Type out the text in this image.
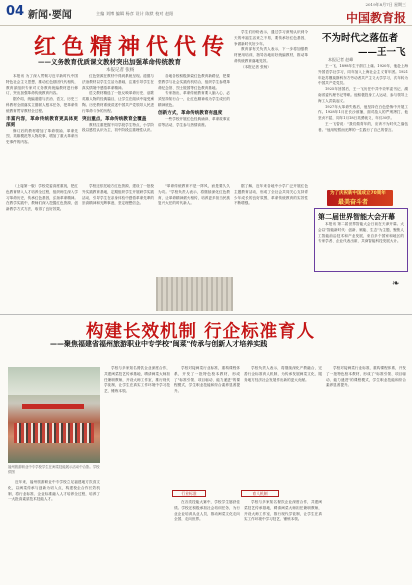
04 新闻·要闻	主编 刘博 编辑 杨彦 设计 陈默 校对 赵阳
2019年8月7日 星期三
中国教育报
红色精神代代传
——义务教育优质课文教材突出加强革命传统教育
本报记者 张杨

本报讯 为了深入贯彻习近平新时代中国特色社会主义思想，推动红色基因代代相传，教育部组织专家对义务教育统编教材进行修订，突出加强革命传统教育内容。

据介绍，统编道德与法治、语文、历史三科教材全面落实立德树人根本任务，把革命传统教育贯穿教材全过程。

丰富内容，革命传统教育更具体更深刻

修订后的教材增加了革命领袖、革命先烈、英雄模范等人物故事，增加了重大革命历史事件的内容。

红色资源在教材中得到系统呈现。道德与法治教材以学生生活为基础，注重引导学生在真实情境中感悟革命精神。

语文教材精选了一批反映革命历史、讴歌英雄人物的经典篇目，让学生在阅读中接受熏陶。历史教材系统讲述中国共产党领导人民进行革命斗争的历程。

突出重点，革命传统教育全覆盖

教材注重把握不同学段学生特点，小学阶段以感性认识为主，初中阶段注重理性认识。

各地各校积极探索红色教育新路径，把课堂教学与社会实践有机结合，组织学生参观革命纪念馆、烈士陵园等红色教育基地。

专家指出，革命传统教育要入脑入心，必须坚持知行合一，让红色精神成为学生成长的精神底色。

创新方式，革命传统教育有温度

一些学校开展红色经典诵读、革命故事宣讲等活动，学生参与热情高涨。

学生们纷纷表示，通过学习深刻认识到今天的幸福生活来之不易，要传承好红色基因，争做新时代好少年。

教育部有关负责人表示，下一步将加强教材使用培训，指导各地用好统编教材，推动革命传统教育落地见效。

（本报记者 张杨）

（上接第一版）学校党委高度重视，把红色教育纳入人才培养全过程，组织师生深入学习革命历史，传承红色基因，弘扬革命精神。在教学实践中，教师们深入挖掘红色资源，创新教学方式方法，取得了良好效果。

学校还依托地方红色资源，建设了一批校外实践教育基地，定期组织学生开展研学实践活动，引导学生在亲身体验中感悟革命先辈的崇高精神和光辉事迹，坚定理想信念。

"革命传统教育不是一阵风，而是要久久为功。"学校负责人表示，将继续深化红色教育，让革命精神薪火相传，培养更多担当民族复兴大任的时代新人。

据了解，近年来各地中小学广泛开展红色主题教育活动，形成了全社会共同关心支持青少年成长的良好氛围，革命传统教育的实效性不断增强。

不为时代之落伍者
——王一飞
本报记者 赵峰

王一飞，1898年生于浙江上虞。1920年，他赴上海外国语学社学习，同年加入上海社会主义青年团。1921年赴苏俄莫斯科东方劳动者共产主义大学学习，次年转为中国共产党党员。

1925年回国后，王一飞历任中共中央军委书记、湖南省委代理书记等职。他积极投身工人运动，参与领导上海工人武装起义。

1927年大革命失败后，他坚持在白色恐怖中开展工作。1928年1月在长沙被捕，面对敌人的严刑拷打，他坚贞不屈，同年1月18日英勇就义，年仅30岁。

王一飞曾说："我们做青年的，应该不为时代之落伍者。"他用短暂而光辉的一生践行了自己的誓言。

为了庆祝新中国成立70周年
最美奋斗者
第二届世界智能大会开幕

本报讯 第二届世界智能大会日前在天津开幕。大会以"智能新时代：创新、赋能、生态"为主题，聚焦人工智能前沿技术和产业发展，来自多个国家和地区的专家学者、企业代表出席，共商智能科技发展大计。

❧
构建长效机制 行企标准育人
——聚焦福建省福州旅游职业中专学校"闽菜"传承与创新人才培养实践
福州旅游职业中专学校学生在闽菜技能展示活动中合影。学校供图

近年来，福州旅游职业中专学校立足福建地方饮食文化，以闽菜传承与创新为切入点，构建校企合作长效机制，将行业标准、企业标准融入人才培养全过程，培养了一大批高素质技术技能人才。

学校与多家知名餐饮企业深度合作，共建闽菜技艺传承基地，聘请闽菜大师担任兼职教师，开设大师工作室，推行现代学徒制，让学生在真实工作环境中学习技艺、锤炼本领。

学校对接闽菜行业标准，重构课程体系，开发了一批特色校本教材，形成了"标准引领、项目驱动、能力递进"的课程模式，学生职业技能和综合素养显著提升。

行业标准

在各类技能大赛中，学校学生屡获佳绩。学校还积极承担社会培训任务，为行业企业培训从业人员，推动闽菜文化走向全国、走向世界。

学校负责人表示，将继续深化产教融合，完善行企标准育人机制，为传承发展闽菜文化、服务地方经济社会发展作出新的更大贡献。

育人机制

学校与多家知名餐饮企业深度合作，共建闽菜技艺传承基地，聘请闽菜大师担任兼职教师，开设大师工作室，推行现代学徒制，让学生在真实工作环境中学习技艺、锤炼本领。

学校对接闽菜行业标准，重构课程体系，开发了一批特色校本教材，形成了"标准引领、项目驱动、能力递进"的课程模式，学生职业技能和综合素养显著提升。
